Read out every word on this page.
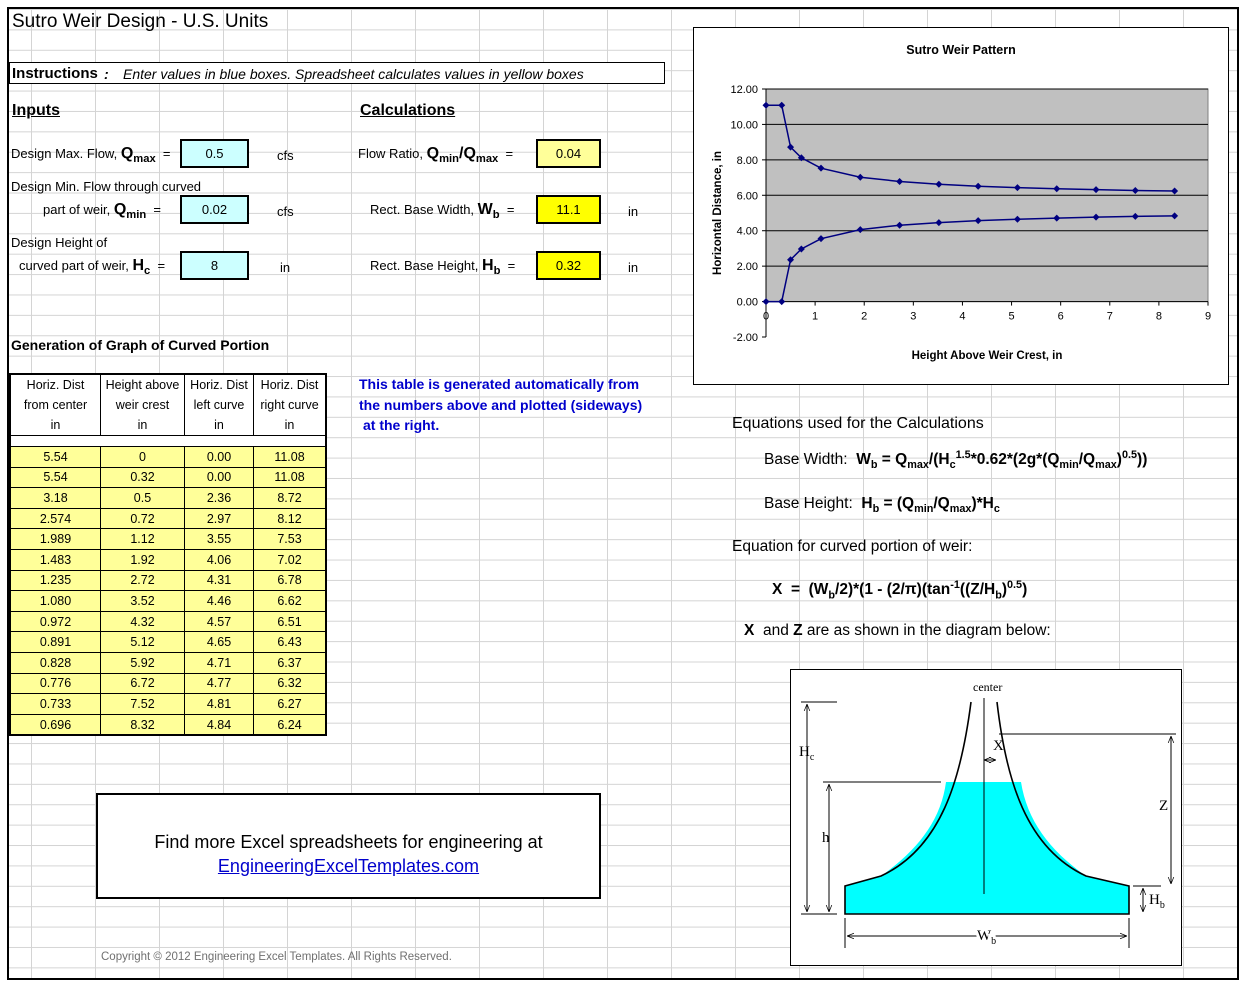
Sutro Weir Design - U.S. Units
Instructions : Enter values in blue boxes. Spreadsheet calculates values in yellow boxes
Inputs	Calculations
Design Max. Flow, $Q_{max}$  =	0.5	cfs
Design Min. Flow through curved
part of weir, $Q_{min}$  =	0.02	cfs
Design Height of
curved part of weir, $H_c$  =	8	in
Flow Ratio, $Q_{min}/Q_{max}$  =	0.04
Rect. Base Width, $W_b$  =	11.1	in
Rect. Base Height, $H_b$  =	0.32	in
Generation of Graph of Curved Portion
Horiz. Dist	Height above	Horiz. Dist	Horiz. Dist
from center	weir crest	left curve	right curve
in	in	in	in

5.54	0	0.00	11.08
5.54	0.32	0.00	11.08
3.18	0.5	2.36	8.72
2.574	0.72	2.97	8.12
1.989	1.12	3.55	7.53
1.483	1.92	4.06	7.02
1.235	2.72	4.31	6.78
1.080	3.52	4.46	6.62
0.972	4.32	4.57	6.51
0.891	5.12	4.65	6.43
0.828	5.92	4.71	6.37
0.776	6.72	4.77	6.32
0.733	7.52	4.81	6.27
0.696	8.32	4.84	6.24
This table is generated automatically from
the numbers above and plotted (sideways)
at the right.
Sutro Weir Pattern
-2.00
0.00
2.00
4.00
6.00
8.00
10.00
12.00
0	1	2	3	4	5	6	7	8	9
Height Above Weir Crest, in
Horizontal Distance, in
Equations used for the Calculations
Base Width: $W_b = Q_{max}/(H_c^{1.5}*0.62*(2g*(Q_{min}/Q_{max})^{0.5}))$
Base Height: $H_b = (Q_{min}/Q_{max})*H_c$
Equation for curved portion of weir:
$X = (W_b/2)*(1 - (2/\pi)(\tan^{-1}((Z/H_b)^{0.5})$
X  and Z are as shown in the diagram below:
center
$H_c$
h
X
Z
$H_b$
$W_b$
Find more Excel spreadsheets for engineering at
EngineeringExcelTemplates.com
Copyright © 2012 Engineering Excel Templates. All Rights Reserved.
